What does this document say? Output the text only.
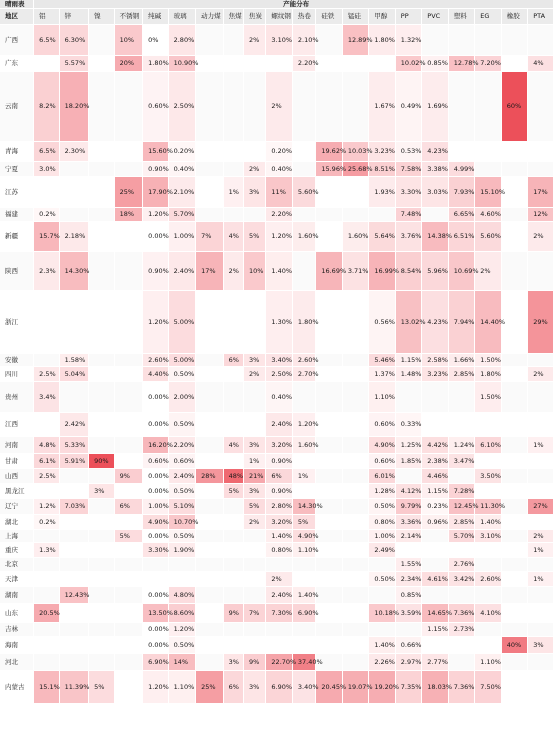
晴雨表	产能分布																			
地区	铝	锌	镍	不锈钢	纯碱	玻璃	动力煤	焦煤	焦炭	螺纹钢	热卷	硅铁	锰硅	甲醇	PP	PVC	塑料	EG	橡胶	PTA
广西	6.5%	6.30%		10%	0%	2.80%			2%	3.10%	2.10%		12.89%	1.80%	1.32%					
广东		5.57%		20%	1.80%	10.90%					2.20%				10.02%	0.85%	12.78%	7.20%		4%
云南	8.2%	18.20%			0.60%	2.50%				2%				1.67%	0.49%	1.69%			60%	
青海	6.5%	2.30%			15.60%	0.20%				0.20%		19.62%	10.03%	3.23%	0.53%	4.23%				
宁夏	3.0%				0.90%	0.40%			2%	0.40%		15.96%	25.68%	8.51%	7.58%	3.38%	4.99%			
江苏				25%	17.90%	2.10%		1%	3%	11%	5.60%			1.93%	3.30%	3.03%	7.93%	15.10%		17%
福建	0.2%			18%	1.20%	5.70%				2.20%					7.48%		6.65%	4.60%		12%
新疆	15.7%	2.18%			0.00%	1.00%	7%	4%	5%	1.20%	1.60%		1.60%	5.64%	3.76%	14.38%	6.51%	5.60%		2%
陕西	2.3%	14.30%			0.90%	2.40%	17%	2%	10%	1.40%		16.69%	3.71%	16.99%	8.54%	5.96%	10.69%	2%		
浙江					1.20%	5.00%				1.30%	1.80%			0.56%	13.02%	4.23%	7.94%	14.40%		29%
安徽		1.58%			2.60%	5.00%		6%	3%	3.40%	2.60%			5.46%	1.15%	2.58%	1.66%	1.50%		
四川	2.5%	5.04%			4.40%	0.50%			2%	2.50%	2.70%			1.37%	1.48%	3.23%	2.85%	1.80%		2%
贵州	3.4%				0.00%	2.00%				0.40%				1.10%				1.50%		
江西		2.42%			0.00%	0.50%				2.40%	1.20%			0.60%	0.33%					
河南	4.8%	5.33%			16.20%	2.20%		4%	3%	3.20%	1.60%			4.90%	1.25%	4.42%	1.24%	6.10%		1%
甘肃	6.1%	5.91%	90%		0.60%	0.60%			1%	0.90%				0.60%	1.85%	2.38%	3.47%			
山西	2.5%			9%	0.00%	2.40%	28%	48%	21%	6%	1%			6.01%		4.46%		3.50%		
黑龙江			3%		0.00%	0.50%		5%	3%	0.90%				1.28%	4.12%	1.15%	7.28%			
辽宁	1.2%	7.03%		6%	1.00%	5.10%			5%	2.80%	14.30%			0.50%	9.79%	0.23%	12.45%	11.30%		27%
湖北	0.2%				4.90%	10.70%			2%	3.20%	5%			0.80%	3.36%	0.96%	2.85%	1.40%		
上海				5%	0.00%	0.50%				1.40%	4.90%			1.00%	2.14%		5.70%	3.10%		2%
重庆	1.3%				3.30%	1.90%				0.80%	1.10%			2.49%						1%
北京															1.55%		2.76%			
天津										2%				0.50%	2.34%	4.61%	3.42%	2.60%		1%
湖南		12.43%			0.00%	4.80%				2.40%	1.40%				0.85%					
山东	20.5%				13.50%	8.60%		9%	7%	7.30%	6.90%			10.18%	3.59%	14.65%	7.36%	4.10%		
吉林					0.00%	1.20%										1.15%	2.73%			
海南					0.00%	0.50%								1.40%	0.66%				40%	3%
河北					6.90%	14%		3%	9%	22.70%	37.40%			2.26%	2.97%	2.77%		1.10%		
内蒙古	15.1%	11.39%	5%		1.20%	1.10%	25%	6%	3%	6.90%	3.40%	20.45%	19.07%	19.20%	7.35%	18.03%	7.36%	7.50%		
